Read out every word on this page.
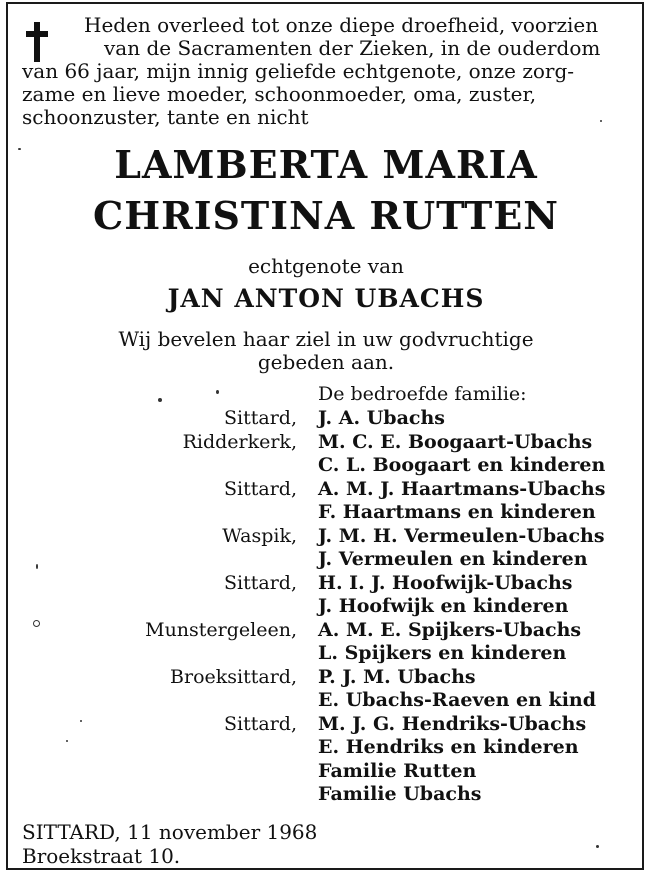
Heden overleed tot onze diepe droefheid, voorzien
van de Sacramenten der Zieken, in de ouderdom
van 66 jaar, mijn innig geliefde echtgenote, onze zorg-
zame en lieve moeder, schoonmoeder, oma, zuster,
schoonzuster, tante en nicht
LAMBERTA MARIA
CHRISTINA RUTTEN
echtgenote van
JAN ANTON UBACHS
Wij bevelen haar ziel in uw godvruchtige
gebeden aan.
De bedroefde familie:
Sittard, J. A. Ubachs
Ridderkerk, M. C. E. Boogaart-Ubachs
C. L. Boogaart en kinderen
Sittard, A. M. J. Haartmans-Ubachs
F. Haartmans en kinderen
Waspik, J. M. H. Vermeulen-Ubachs
J. Vermeulen en kinderen
Sittard, H. I. J. Hoofwijk-Ubachs
J. Hoofwijk en kinderen
Munstergeleen, A. M. E. Spijkers-Ubachs
L. Spijkers en kinderen
Broeksittard, P. J. M. Ubachs
E. Ubachs-Raeven en kind
Sittard, M. J. G. Hendriks-Ubachs
E. Hendriks en kinderen
Familie Rutten
Familie Ubachs
SITTARD, 11 november 1968
Broekstraat 10.
